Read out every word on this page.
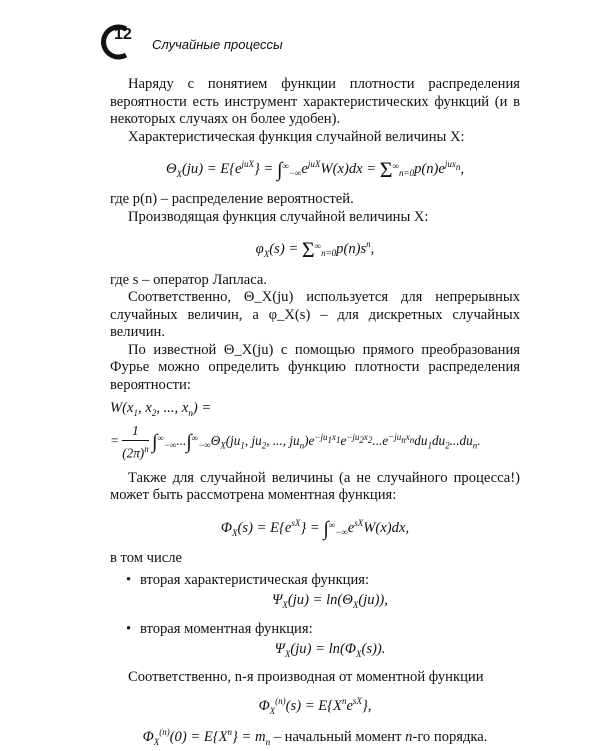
12
Случайные процессы

Наряду с понятием функции плотности распределения вероятности есть инструмент характеристических функций (и в некоторых случаях он более удобен).

Характеристическая функция случайной величины X:

$\Theta_X(ju) = E\{e^{juX}\} = \int^\infty_{-\infty}e^{juX}W(x)dx = \Sigma^\infty_{n=0}p(n)e^{jux_n}$,

где p(n) – распределение вероятностей.

Производящая функция случайной величины X:

$\varphi_X(s) = \Sigma^\infty_{n=0}p(n)s^n$,

где s – оператор Лапласа.

Соответственно, Θ_X(ju) используется для непрерывных случайных величин, а φ_X(s) – для дискретных случайных величин.

По известной Θ_X(ju) с помощью прямого преобразования Фурье можно определить функцию плотности распределения вероятности:

$W(x_1$, $x_2$, ..., $x_n$) =
= $\frac{1}{(2\pi)^n} \int^\infty_{-\infty}...\int^\infty_{-\infty}\Theta_X(ju_1$, $ju_2$, ..., $ju_n)e^{-ju_1x_1}e^{-ju_2x_2}...e^{-ju_nx_n}du_1du_2...du_n$.

Также для случайной величины (а не случайного процесса!) может быть рассмотрена моментная функция:

$\Phi_X(s) = E\{e^{sX}\} = \int^\infty_{-\infty}e^{sX}W(x)dx$,

в том числе

• вторая характеристическая функция:
$\Psi_X(ju) = \ln(\Theta_X(ju))$,
• вторая моментная функция:
$\Psi_X(ju) = \ln(\Phi_X(s))$.

Соответственно, n-я производная от моментной функции

$\Phi_X^{(n)}(s) = E\{X^ne^{sX}\}$,
$\Phi_X^{(n)}(0) = E\{X^n\} = m_n$ – начальный момент n-го порядка.
